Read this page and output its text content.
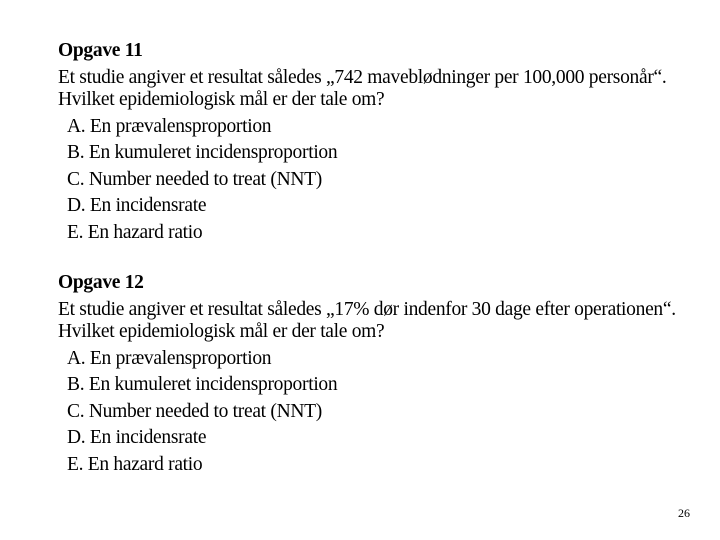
Opgave 11
Et studie angiver et resultat således „742 maveblødninger per 100,000 personår“. Hvilket epidemiologisk mål er der tale om?
A. En prævalensproportion
B. En kumuleret incidensproportion
C. Number needed to treat (NNT)
D. En incidensrate
E. En hazard ratio
Opgave 12
Et studie angiver et resultat således „17% dør indenfor 30 dage efter operationen“. Hvilket epidemiologisk mål er der tale om?
A. En prævalensproportion
B. En kumuleret incidensproportion
C. Number needed to treat (NNT)
D. En incidensrate
E. En hazard ratio
26
